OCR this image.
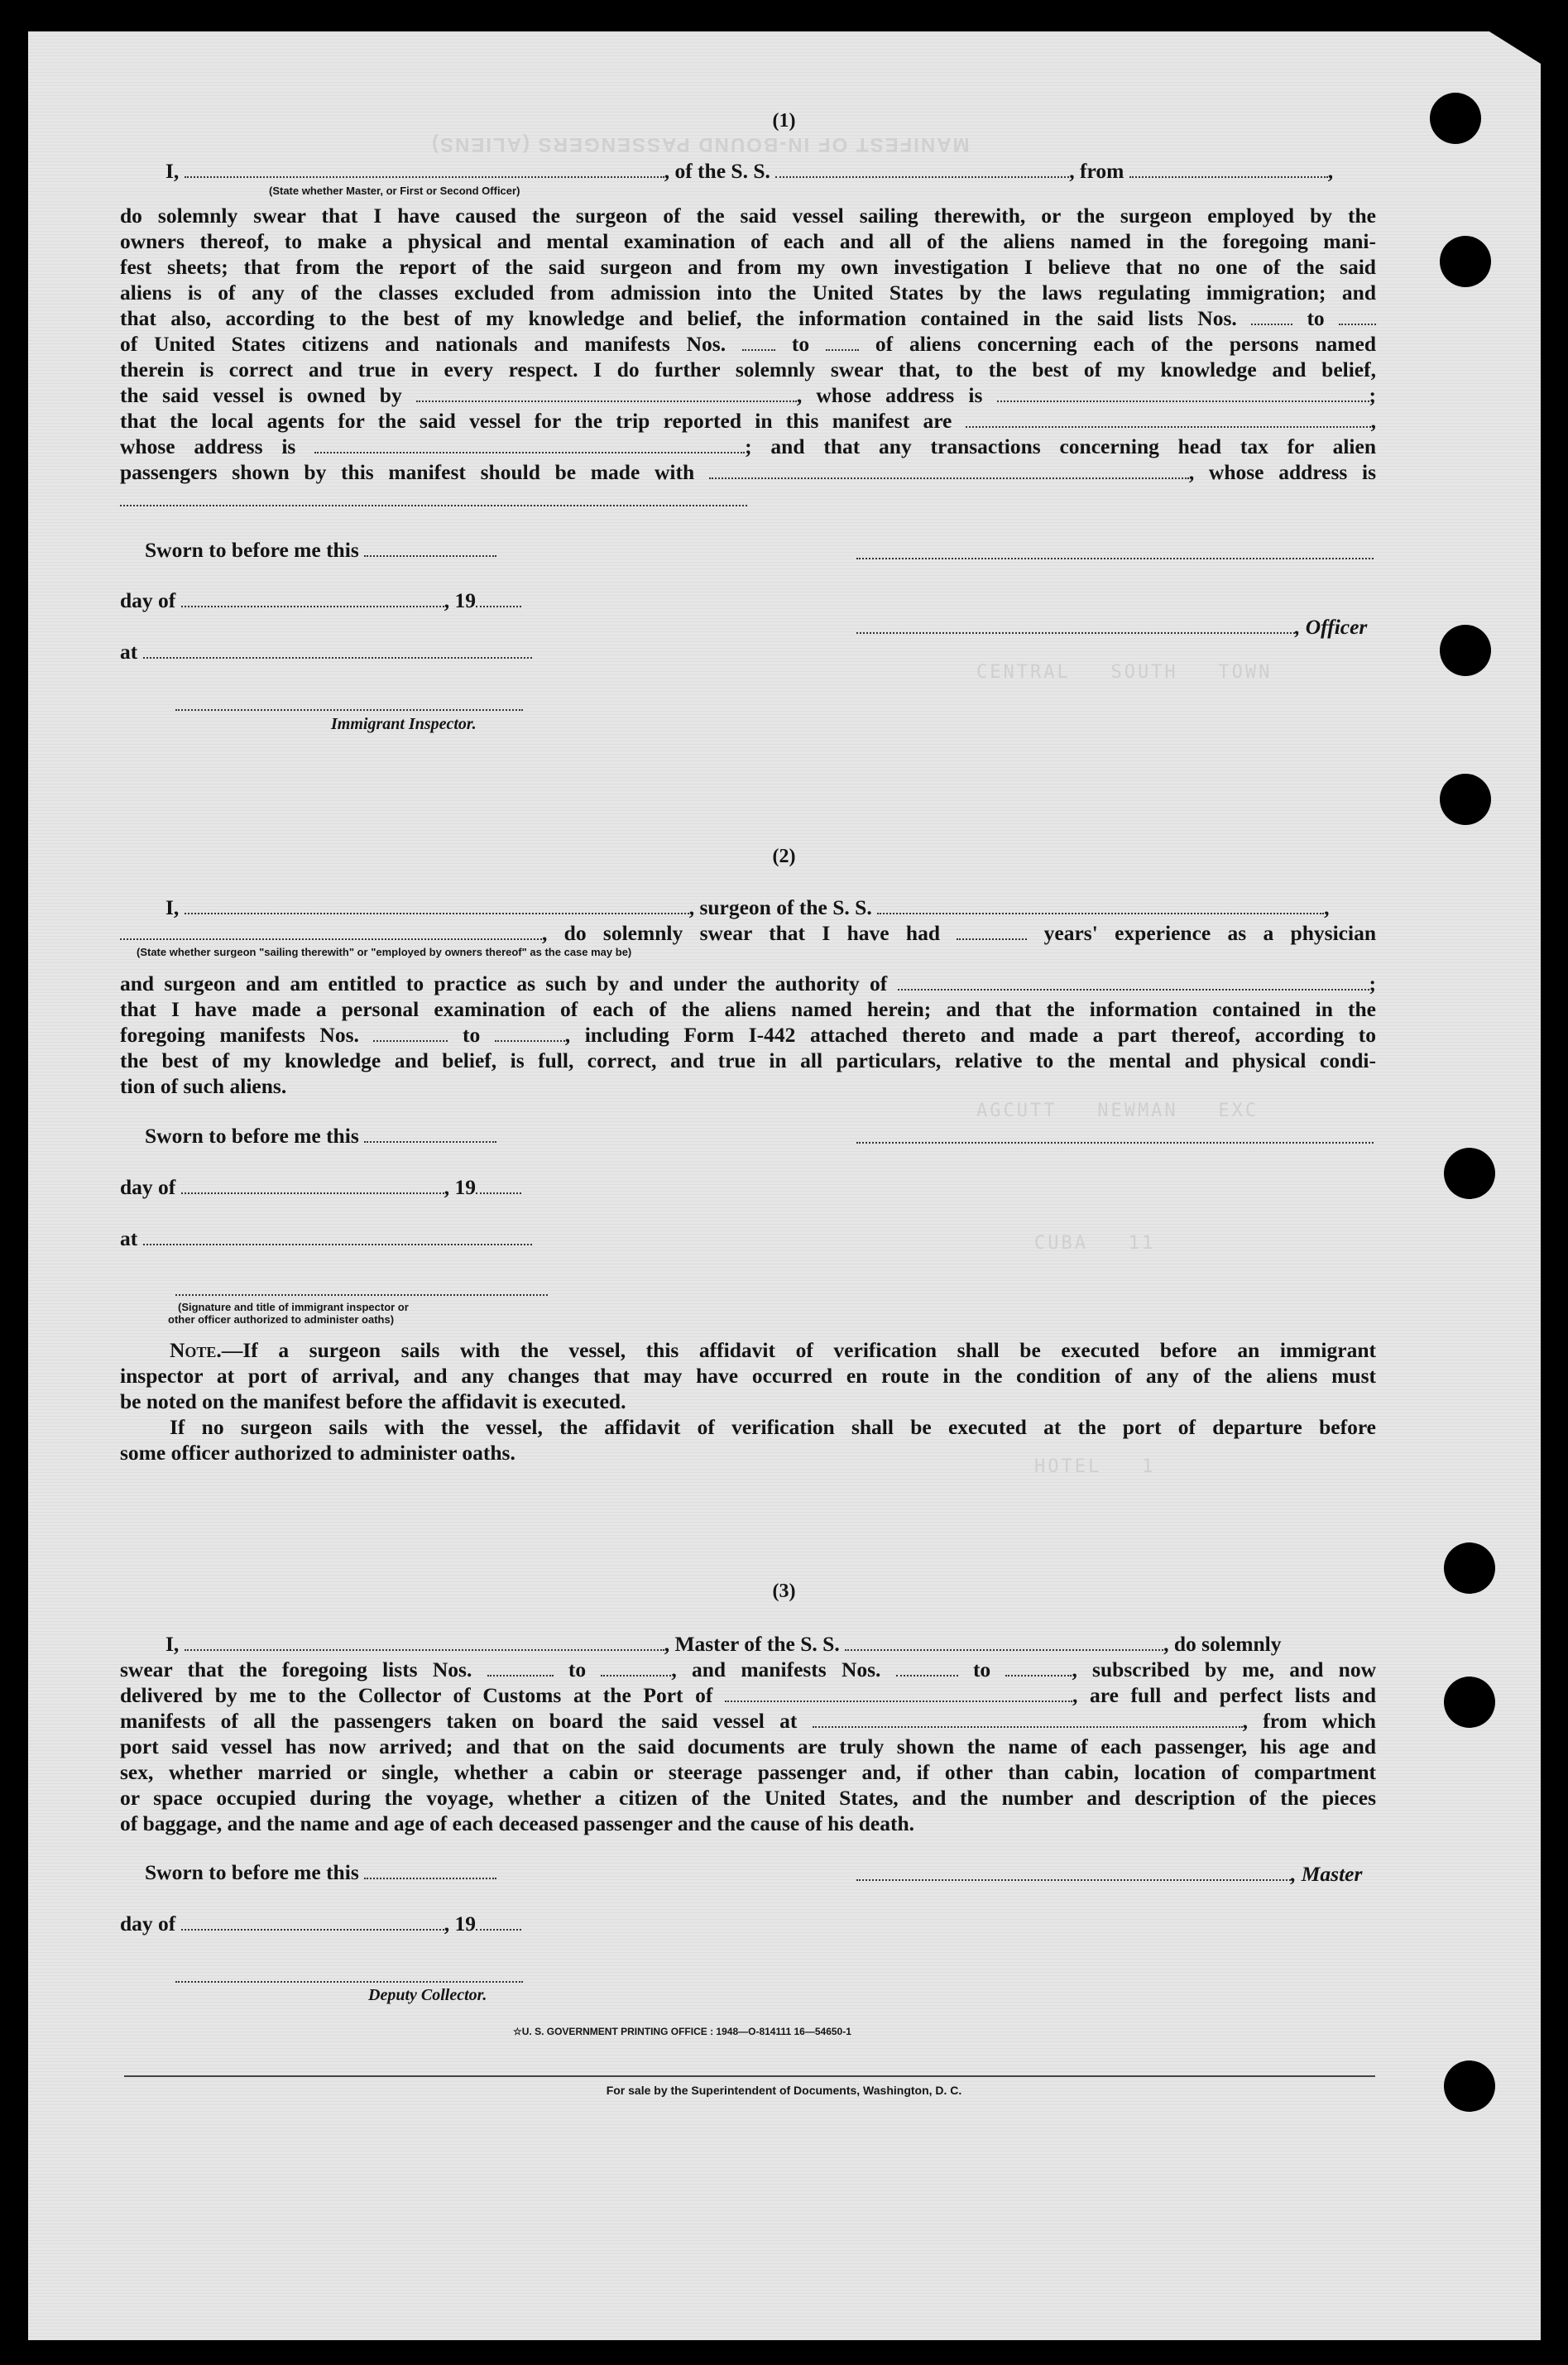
MANIFEST OF IN-BOUND PASSENGERS (ALIENS)
CENTRAL   SOUTH   TOWN
AGCUTT   NEWMAN   EXC
CUBA   11
HOTEL   1
(1)
I,	, of the S. S.	, from	,
(State whether Master, or First or Second Officer)
do solemnly swear that I have caused the surgeon of the said vessel sailing therewith, or the surgeon employed by the
owners thereof, to make a physical and mental examination of each and all of the aliens named in the foregoing mani-
fest sheets; that from the report of the said surgeon and from my own investigation I believe that no one of the said
aliens is of any of the classes excluded from admission into the United States by the laws regulating immigration; and
that also, according to the best of my knowledge and belief, the information contained in the said lists Nos.	to
of United States citizens and nationals and manifests Nos.	to	of aliens concerning each of the persons named
therein is correct and true in every respect. I do further solemnly swear that, to the best of my knowledge and belief,
the said vessel is owned by	, whose address is	;
that the local agents for the said vessel for the trip reported in this manifest are	,
whose address is	; and that any transactions concerning head tax for alien
passengers shown by this manifest should be made with	, whose address is
Sworn to before me this
day of	, 19
, Officer
at
Immigrant Inspector.
(2)
I,	, surgeon of the S. S.	,
, do solemnly swear that I have had	years' experience as a physician
(State whether surgeon "sailing therewith" or "employed by owners thereof" as the case may be)
and surgeon and am entitled to practice as such by and under the authority of	;
that I have made a personal examination of each of the aliens named herein; and that the information contained in the
foregoing manifests Nos.	to	, including Form I-442 attached thereto and made a part thereof, according to
the best of my knowledge and belief, is full, correct, and true in all particulars, relative to the mental and physical condi-
tion of such aliens.
Sworn to before me this
day of	, 19
at
(Signature and title of immigrant inspector or
other officer authorized to administer oaths)
Note.—If a surgeon sails with the vessel, this affidavit of verification shall be executed before an immigrant
inspector at port of arrival, and any changes that may have occurred en route in the condition of any of the aliens must
be noted on the manifest before the affidavit is executed.
If no surgeon sails with the vessel, the affidavit of verification shall be executed at the port of departure before
some officer authorized to administer oaths.
(3)
I,	, Master of the S. S.	, do solemnly
swear that the foregoing lists Nos.	to	, and manifests Nos.	to	, subscribed by me, and now
delivered by me to the Collector of Customs at the Port of	, are full and perfect lists and
manifests of all the passengers taken on board the said vessel at	, from which
port said vessel has now arrived; and that on the said documents are truly shown the name of each passenger, his age and
sex, whether married or single, whether a cabin or steerage passenger and, if other than cabin, location of compartment
or space occupied during the voyage, whether a citizen of the United States, and the number and description of the pieces
of baggage, and the name and age of each deceased passenger and the cause of his death.
Sworn to before me this	, Master
day of	, 19
Deputy Collector.
☆U. S. GOVERNMENT PRINTING OFFICE : 1948—O-814111 16—54650-1
For sale by the Superintendent of Documents, Washington, D. C.
